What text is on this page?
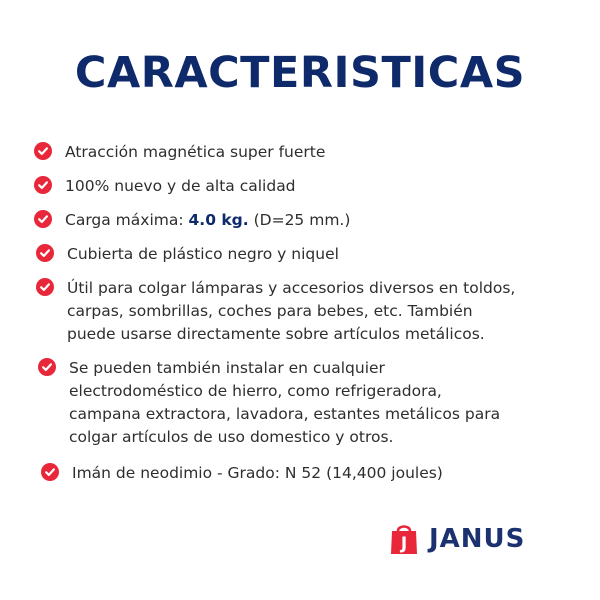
CARACTERISTICAS
Atracción magnética super fuerte
100% nuevo y de alta calidad
Carga máxima: 4.0 kg. (D=25 mm.)
Cubierta de plástico negro y niquel
Útil para colgar lámparas y accesorios diversos en toldos,
carpas, sombrillas, coches para bebes, etc. También
puede usarse directamente sobre artículos metálicos.
Se pueden también instalar en cualquier
electrodoméstico de hierro, como refrigeradora,
campana extractora, lavadora, estantes metálicos para
colgar artículos de uso domestico y otros.
Imán de neodimio - Grado: N 52 (14,400 joules)
J JANUS
